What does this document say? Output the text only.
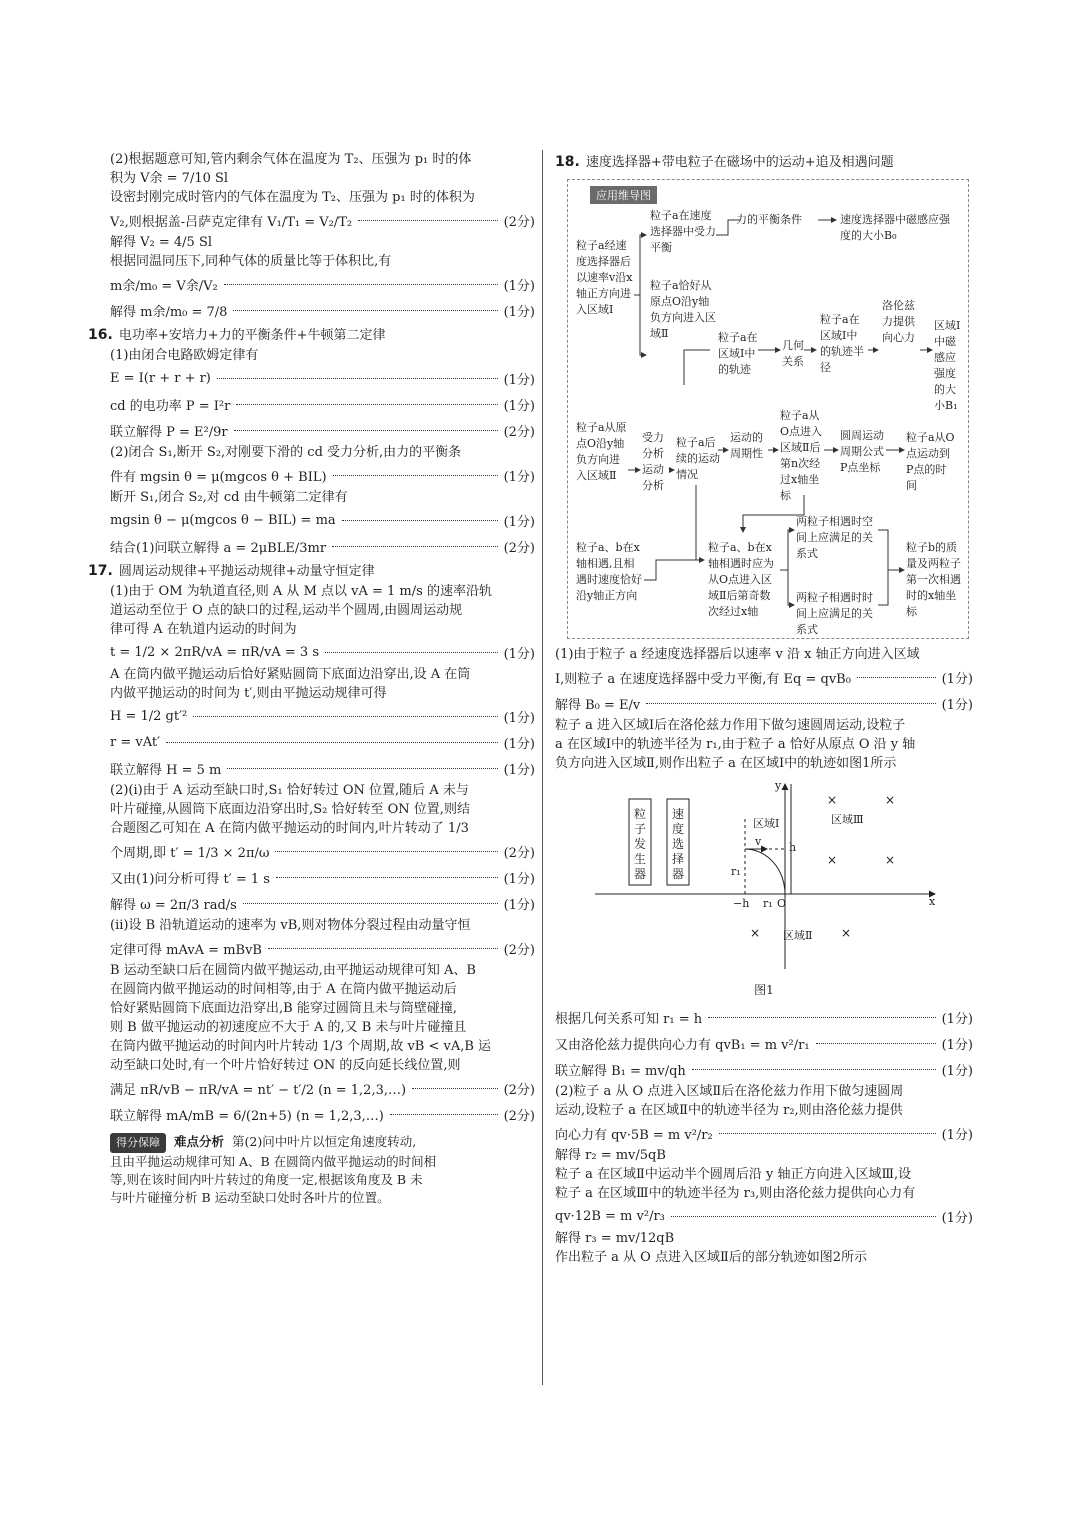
(2)根据题意可知,管内剩余气体在温度为 T₂、压强为 p₁ 时的体

积为 V余 = 7/10 Sl

设密封刚完成时管内的气体在温度为 T₂、压强为 p₁ 时的体积为

V₂,则根据盖-吕萨克定律有 V₁/T₁ = V₂/T₂	(2分)

解得 V₂ = 4/5 Sl

根据同温同压下,同种气体的质量比等于体积比,有

m余/m₀ = V余/V₂	(1分)
解得 m余/m₀ = 7/8	(1分)
16. 电功率+安培力+力的平衡条件+牛顿第二定律

(1)由闭合电路欧姆定律有

E = I(r + r + r)	(1分)
cd 的电功率 P = I²r	(1分)
联立解得 P = E²/9r	(2分)

(2)闭合 S₁,断开 S₂,对刚要下滑的 cd 受力分析,由力的平衡条

件有 mgsin θ = μ(mgcos θ + BIL)	(1分)

断开 S₁,闭合 S₂,对 cd 由牛顿第二定律有

mgsin θ − μ(mgcos θ − BIL) = ma	(1分)
结合(1)问联立解得 a = 2μBLE/3mr	(2分)
17. 圆周运动规律+平抛运动规律+动量守恒定律

(1)由于 OM 为轨道直径,则 A 从 M 点以 vA = 1 m/s 的速率沿轨

道运动至位于 O 点的缺口的过程,运动半个圆周,由圆周运动规

律可得 A 在轨道内运动的时间为

t = 1/2 × 2πR/vA = πR/vA = 3 s	(1分)

A 在筒内做平抛运动后恰好紧贴圆筒下底面边沿穿出,设 A 在筒

内做平抛运动的时间为 t′,则由平抛运动规律可得

H = 1/2 gt′²	(1分)
r = vAt′	(1分)
联立解得 H = 5 m	(1分)

(2)(i)由于 A 运动至缺口时,S₁ 恰好转过 ON 位置,随后 A 未与

叶片碰撞,从圆筒下底面边沿穿出时,S₂ 恰好转至 ON 位置,则结

合题图乙可知在 A 在筒内做平抛运动的时间内,叶片转动了 1/3

个周期,即 t′ = 1/3 × 2π/ω	(2分)
又由(1)问分析可得 t′ = 1 s	(1分)
解得 ω = 2π/3 rad/s	(1分)

(ii)设 B 沿轨道运动的速率为 vB,则对物体分裂过程由动量守恒

定律可得 mAvA = mBvB	(2分)

B 运动至缺口后在圆筒内做平抛运动,由平抛运动规律可知 A、B

在圆筒内做平抛运动的时间相等,由于 A 在筒内做平抛运动后

恰好紧贴圆筒下底面边沿穿出,B 能穿过圆筒且未与筒壁碰撞,

则 B 做平抛运动的初速度应不大于 A 的,又 B 未与叶片碰撞且

在筒内做平抛运动的时间内叶片转动 1/3 个周期,故 vB < vA,B 运

动至缺口处时,有一个叶片恰好转过 ON 的反向延长线位置,则

满足 πR/vB − πR/vA = nt′ − t′/2 (n = 1,2,3,…)	(2分)
联立解得 mA/mB = 6/(2n+5) (n = 1,2,3,…)	(2分)
得分保障 难点分析 第(2)问中叶片以恒定角速度转动,
且由平抛运动规律可知 A、B 在圆筒内做平抛运动的时间相
等,则在该时间内叶片转过的角度一定,根据该角度及 B 未
与叶片碰撞分析 B 运动至缺口处时各叶片的位置。
18. 速度选择器+带电粒子在磁场中的运动+追及相遇问题
应用维导图
粒子a经速度选择器后以速率v沿x轴正方向进入区域Ⅰ
粒子a在速度选择器中受力平衡
力的平衡条件	速度选择器中磁感应强度的大小B₀
粒子a恰好从原点O沿y轴负方向进入区域Ⅱ	粒子a在区域Ⅰ中的轨迹
几何关系
粒子a在区域Ⅰ中的轨迹半径
洛伦兹力提供向心力
区域Ⅰ中磁感应强度的大小B₁
粒子a从原点O沿y轴负方向进入区域Ⅱ
受力分析运动分析
粒子a后续的运动情况
运动的周期性
粒子a从O点进入区域Ⅱ后第n次经过x轴坐标
圆周运动周期公式P点坐标
粒子a从O点运动到P点的时间
粒子a、b在x轴相遇,且相遇时速度恰好沿y轴正方向
粒子a、b在x轴相遇时应为从O点进入区域Ⅱ后第奇数次经过x轴
两粒子相遇时空间上应满足的关系式
两粒子相遇时时间上应满足的关系式
粒子b的质量及两粒子第一次相遇时的x轴坐标

(1)由于粒子 a 经速度选择器后以速率 v 沿 x 轴正方向进入区域

Ⅰ,则粒子 a 在速度选择器中受力平衡,有 Eq = qvB₀	(1分)
解得 B₀ = E/v	(1分)

粒子 a 进入区域Ⅰ后在洛伦兹力作用下做匀速圆周运动,设粒子

a 在区域Ⅰ中的轨迹半径为 r₁,由于粒子 a 恰好从原点 O 沿 y 轴

负方向进入区域Ⅱ,则作出粒子 a 在区域Ⅰ中的轨迹如图1所示

×	×
×	×
×	×
粒子发生器
速度选择器
区域Ⅰ	区域Ⅲ
区域Ⅱ
x
y
h
−h r₁
r₁
O
v
图1
根据几何关系可知 r₁ = h	(1分)
又由洛伦兹力提供向心力有 qvB₁ = m v²/r₁	(1分)
联立解得 B₁ = mv/qh	(1分)

(2)粒子 a 从 O 点进入区域Ⅱ后在洛伦兹力作用下做匀速圆周

运动,设粒子 a 在区域Ⅱ中的轨迹半径为 r₂,则由洛伦兹力提供

向心力有 qv·5B = m v²/r₂	(1分)

解得 r₂ = mv/5qB

粒子 a 在区域Ⅱ中运动半个圆周后沿 y 轴正方向进入区域Ⅲ,设

粒子 a 在区域Ⅲ中的轨迹半径为 r₃,则由洛伦兹力提供向心力有

qv·12B = m v²/r₃	(1分)

解得 r₃ = mv/12qB

作出粒子 a 从 O 点进入区域Ⅱ后的部分轨迹如图2所示
